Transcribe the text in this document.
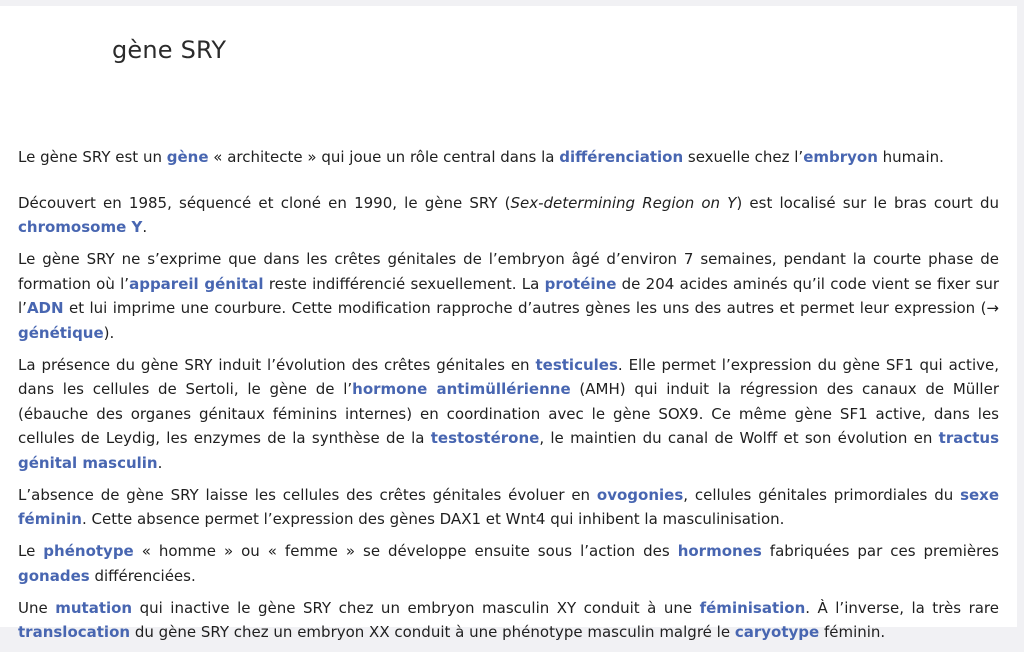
gène SRY

Le gène SRY est un gène « architecte » qui joue un rôle central dans la différenciation sexuelle chez l’embryon humain.

Découvert en 1985, séquencé et cloné en 1990, le gène SRY (Sex-determining Region on Y) est localisé sur le bras court du chromosome Y.

Le gène SRY ne s’exprime que dans les crêtes génitales de l’embryon âgé d’environ 7 semaines, pendant la courte phase de formation où l’appareil génital reste indifférencié sexuellement. La protéine de 204 acides aminés qu’il code vient se fixer sur l’ADN et lui imprime une courbure. Cette modification rapproche d’autres gènes les uns des autres et permet leur expression (→ génétique).

La présence du gène SRY induit l’évolution des crêtes génitales en testicules. Elle permet l’expression du gène SF1 qui active, dans les cellules de Sertoli, le gène de l’hormone antimüllérienne (AMH) qui induit la régression des canaux de Müller (ébauche des organes génitaux féminins internes) en coordination avec le gène SOX9. Ce même gène SF1 active, dans les cellules de Leydig, les enzymes de la synthèse de la testostérone, le maintien du canal de Wolff et son évolution en tractus génital masculin.

L’absence de gène SRY laisse les cellules des crêtes génitales évoluer en ovogonies, cellules génitales primordiales du sexe féminin. Cette absence permet l’expression des gènes DAX1 et Wnt4 qui inhibent la masculinisation.

Le phénotype « homme » ou « femme » se développe ensuite sous l’action des hormones fabriquées par ces premières gonades différenciées.

Une mutation qui inactive le gène SRY chez un embryon masculin XY conduit à une féminisation. À l’inverse, la très rare translocation du gène SRY chez un embryon XX conduit à une phénotype masculin malgré le caryotype féminin.
